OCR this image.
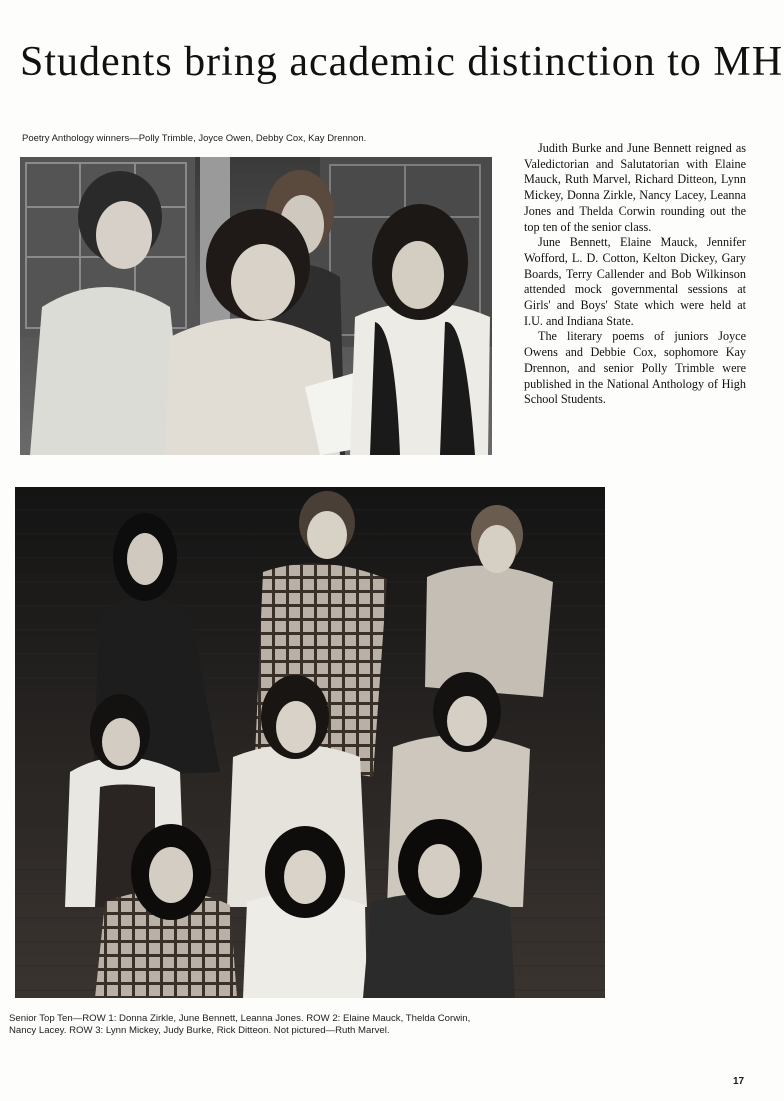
Students bring academic distinction to MH
Poetry Anthology winners—Polly Trimble, Joyce Owen, Debby Cox, Kay Drennon.

Judith Burke and June Bennett reigned as Valedictorian and Salutatorian with Elaine Mauck, Ruth Marvel, Richard Ditteon, Lynn Mickey, Donna Zirkle, Nancy Lacey, Leanna Jones and Thelda Corwin rounding out the top ten of the senior class.

June Bennett, Elaine Mauck, Jennifer Wofford, L. D. Cotton, Kelton Dickey, Gary Boards, Terry Callender and Bob Wilkinson attended mock governmental sessions at Girls' and Boys' State which were held at I.U. and Indiana State.

The literary poems of juniors Joyce Owens and Debbie Cox, sophomore Kay Drennon, and senior Polly Trimble were published in the National Anthology of High School Students.

Senior Top Ten—ROW 1: Donna Zirkle, June Bennett, Leanna Jones. ROW 2: Elaine Mauck, Thelda Corwin, Nancy Lacey. ROW 3: Lynn Mickey, Judy Burke, Rick Ditteon. Not pictured—Ruth Marvel.
17
